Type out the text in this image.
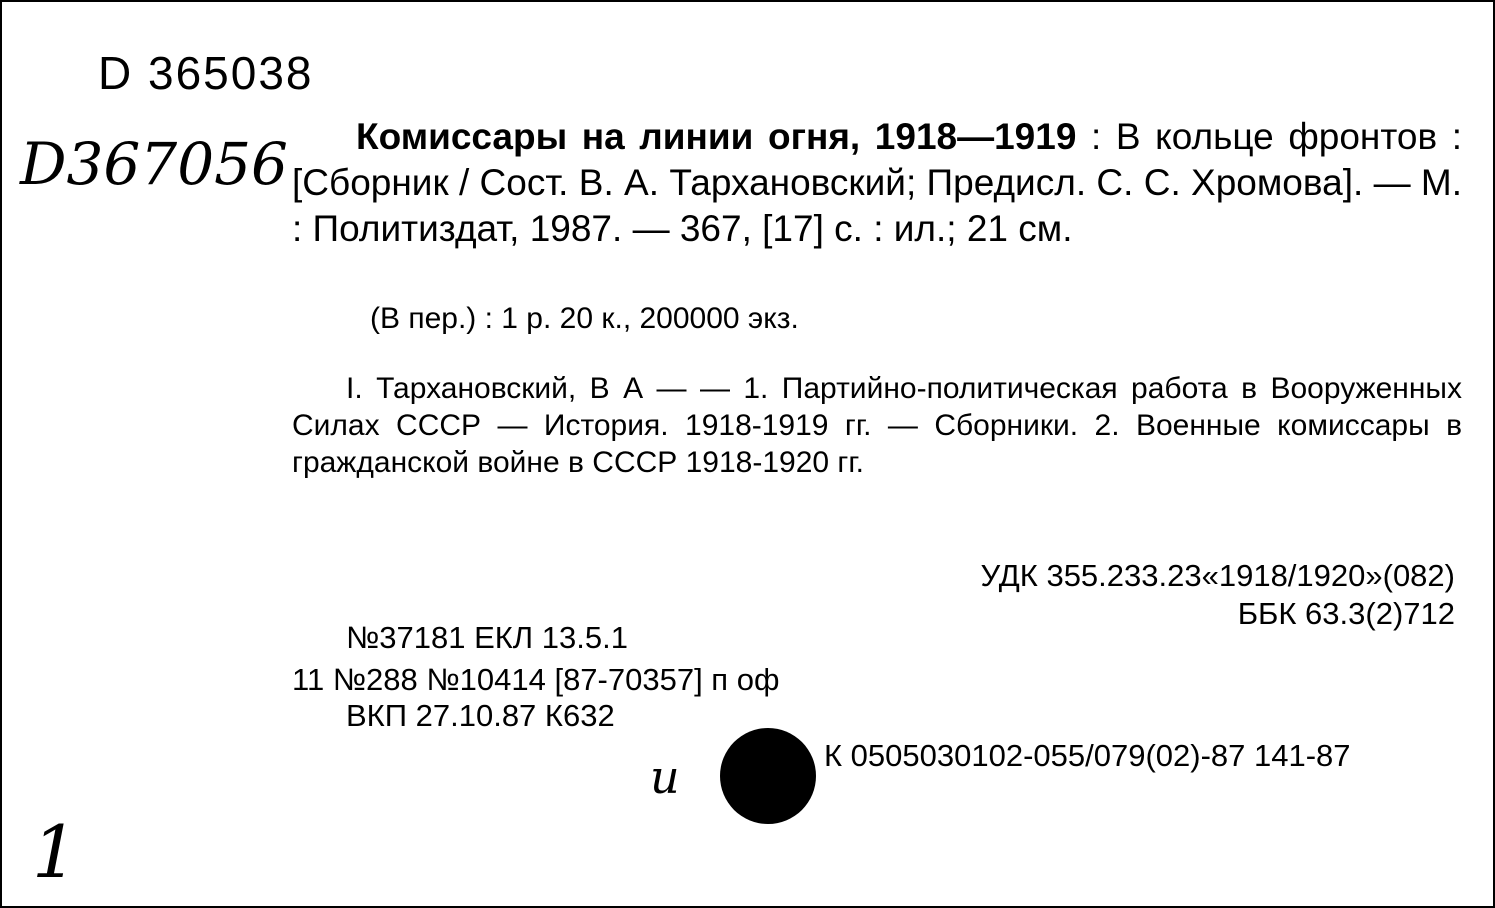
D 365038
D367056	Комиссары на линии огня, 1918—1919 : В кольце фронтов : [Сборник / Сост. В. А. Тархановский; Предисл. С. С. Хромова]. — М. : Политиздат, 1987. — 367, [17] с. : ил.; 21 см.
(В пер.) : 1 р. 20 к., 200000 экз.
I. Тархановский, В А — — 1. Партийно-политическая работа в Вооруженных Силах СССР — История. 1918-1919 гг. — Сборники. 2. Военные комиссары в гражданской войне в СССР 1918-1920 гг.
УДК 355.233.23«1918/1920»(082)
ББК 63.3(2)712
№37181 ЕКЛ 13.5.1
11 №288 №10414 [87-70357] п оф
ВКП 27.10.87 К632
и	К 0505030102-055/079(02)-87 141-87
1
